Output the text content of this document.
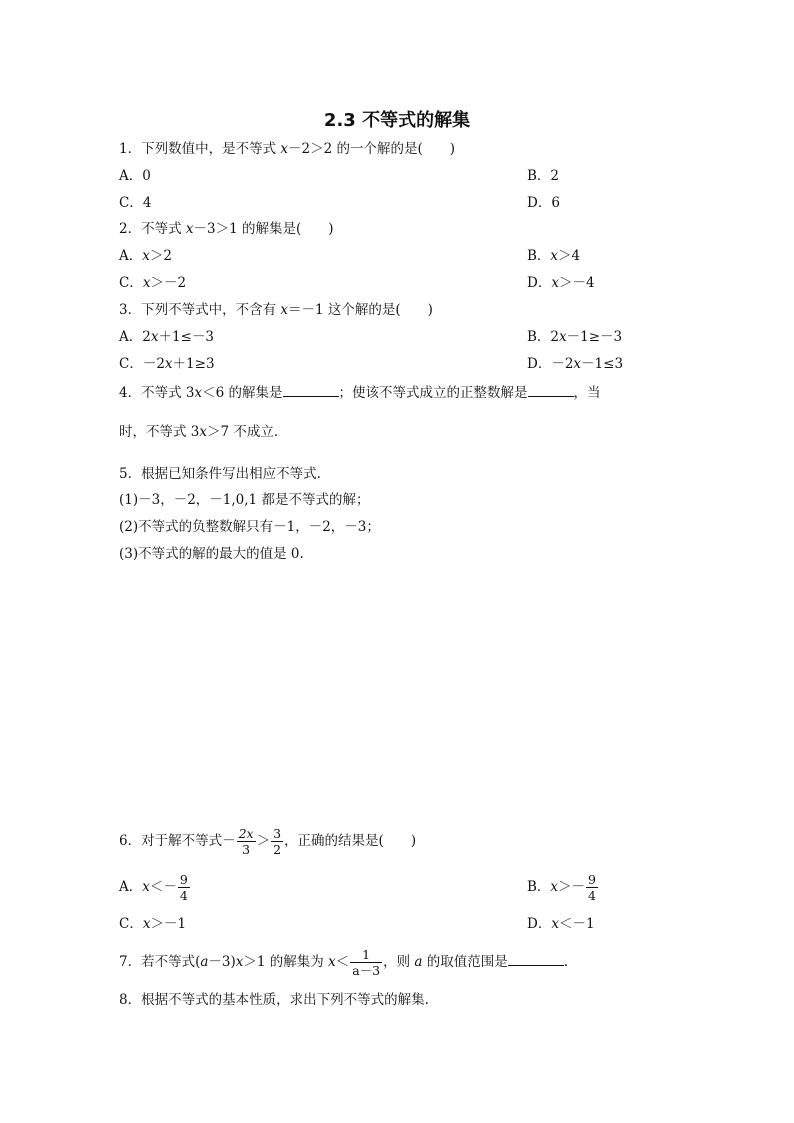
2.3 不等式的解集
1．下列数值中，是不等式 x－2＞2 的一个解的是(　　)
A．0	B．2
C．4	D．6
2．不等式 x－3＞1 的解集是(　　)
A．x＞2	B．x＞4
C．x＞－2	D．x＞－4
3．下列不等式中，不含有 x＝－1 这个解的是(　　)
A．2x＋1≤－3	B．2x－1≥－3
C．－2x＋1≥3	D．－2x－1≤3
4．不等式 3x＜6 的解集是	；使该不等式成立的正整数解是	，当
时，不等式 3x＞7 不成立.
5．根据已知条件写出相应不等式.
(1)－3，－2，－1,0,1 都是不等式的解；
(2)不等式的负整数解只有－1，－2，－3；
(3)不等式的解的最大的值是 0.
6．对于解不等式－ $\frac{2x}{3} > \frac{3}{2}$ ，正确的结果是(　　)
A．$x<- \frac{9}{4}$	B．$x>- \frac{9}{4}$
C．x＞－1	D．x＜－1
7．若不等式(a－3)x＞1 的解集为 $x< \frac{1}{a-3}$ ，则 a 的取值范围是	.
8．根据不等式的基本性质，求出下列不等式的解集.
